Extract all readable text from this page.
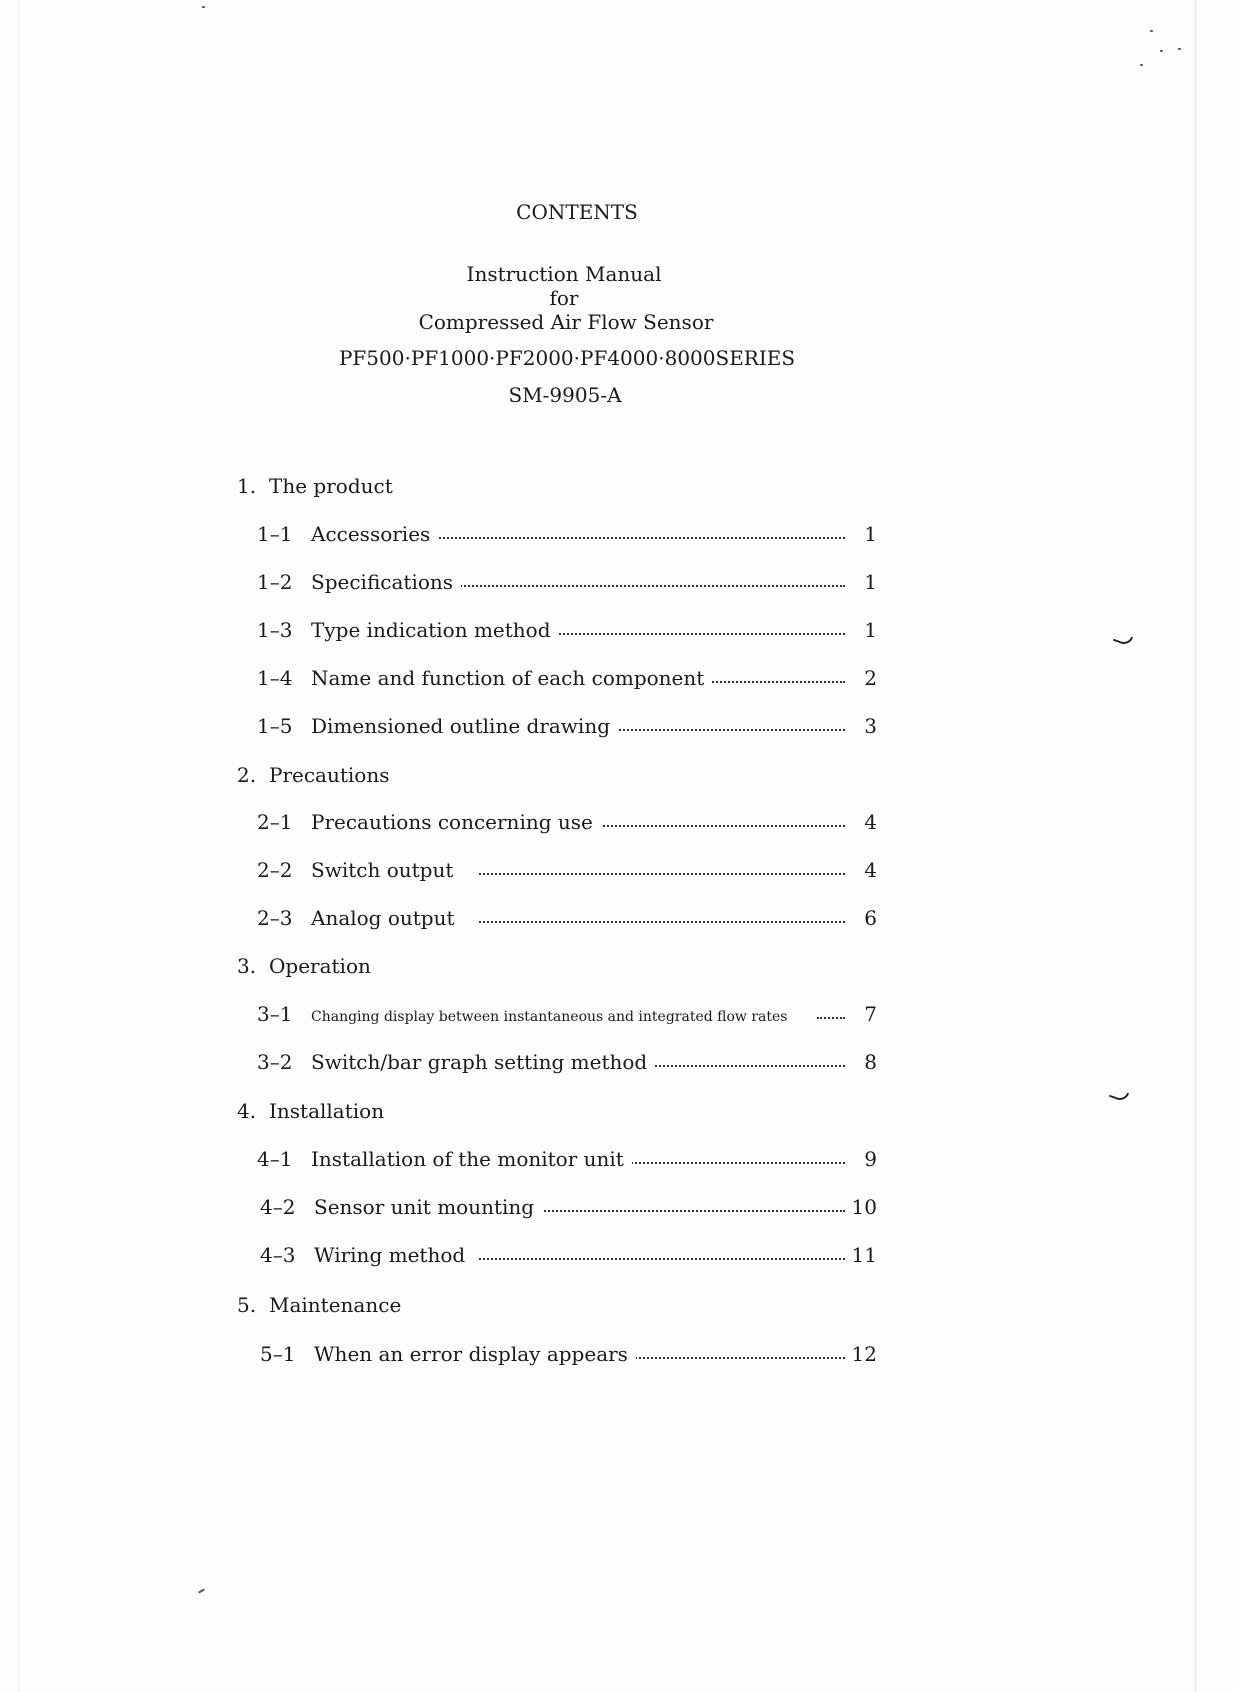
CONTENTS
Instruction Manual
for
Compressed Air Flow Sensor
PF500·PF1000·PF2000·PF4000·8000SERIES
SM-9905-A
1. The product
1–1 Accessories	1
1–2 Specifications	1
1–3 Type indication method	1
1–4 Name and function of each component	2
1–5 Dimensioned outline drawing	3
2. Precautions
2–1 Precautions concerning use	4
2–2 Switch output	4
2–3 Analog output	6
3. Operation
3–1 Changing display between instantaneous and integrated flow rates	7
3–2 Switch/bar graph setting method	8
4. Installation
4–1 Installation of the monitor unit	9
4–2 Sensor unit mounting	10
4–3 Wiring method	11
5. Maintenance
5–1 When an error display appears	12
